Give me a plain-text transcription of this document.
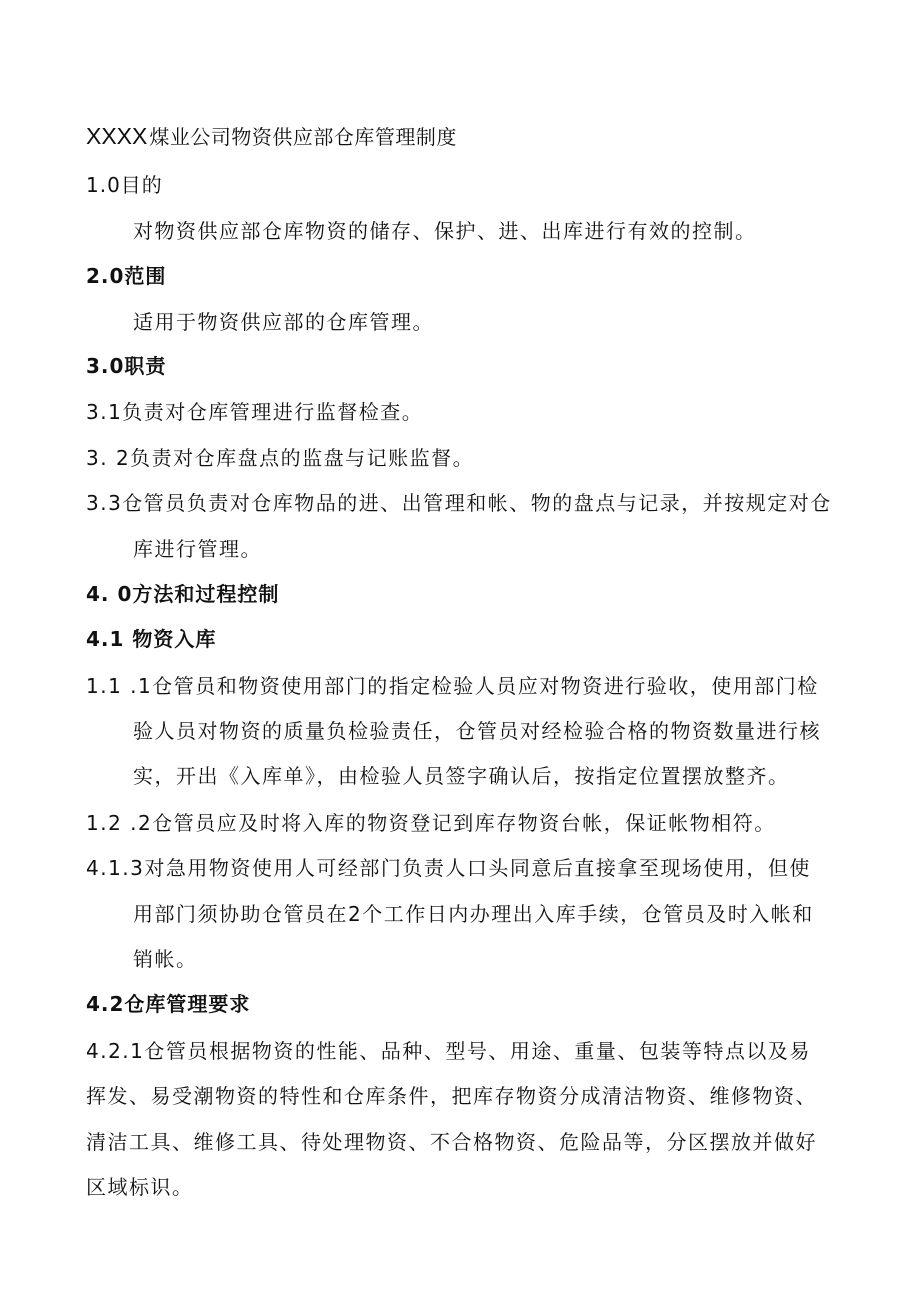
XXXX 煤业公司物资供应部仓库管理制度
1.0目的
对物资供应部仓库物资的储存、保护、进、出库进行有效的控制。
2.0范围
适用于物资供应部的仓库管理。
3.0职责
3.1负责对仓库管理进行监督检查。
3. 2负责对仓库盘点的监盘与记账监督。
3.3仓管员负责对仓库物品的进、出管理和帐、物的盘点与记录，并按规定对仓
库进行管理。
4. 0方法和过程控制
4.1 物资入库
1.1 .1仓管员和物资使用部门的指定检验人员应对物资进行验收，使用部门检
验人员对物资的质量负检验责任，仓管员对经检验合格的物资数量进行核
实，开出《入库单》，由检验人员签字确认后，按指定位置摆放整齐。
1.2 .2仓管员应及时将入库的物资登记到库存物资台帐，保证帐物相符。
4.1.3对急用物资使用人可经部门负责人口头同意后直接拿至现场使用，但使
用部门须协助仓管员在2个工作日内办理出入库手续，仓管员及时入帐和
销帐。
4.2仓库管理要求
4.2.1仓管员根据物资的性能、品种、型号、用途、重量、包装等特点以及易
挥发、易受潮物资的特性和仓库条件，把库存物资分成清洁物资、维修物资、
清洁工具、维修工具、待处理物资、不合格物资、危险品等，分区摆放并做好
区域标识。
